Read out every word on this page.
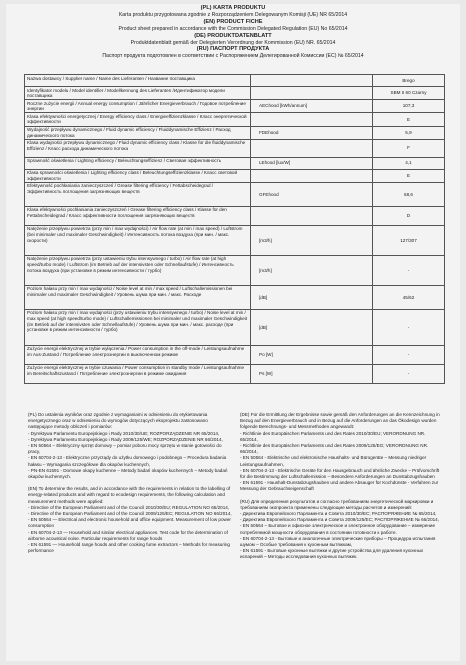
(PL) KARTA PRODUKTU
Karta produktu przygotowana zgodnie z Rozporządzeniem Delegowanym Komisji (UE) NR 65/2014
(EN) PRODUCT FICHE
Product sheet prepared in accordance with the Commission Delegated Regulation (EU) No 65/2014
(DE) PRODUKTDATENBLATT
Produktdatenblatt gemäß der Delegierten Verordnung der Kommission (EU) NR. 65/2014
(RU) ПАСПОРТ ПРОДУКТА
Паспорт продукта подготовлен в соответствии с Распоряжением Делегированной Комиссии (ЕС) № 65/2014
Nazwa dostawcy / Supplier name / Name des Lieferanten / Название поставщика		Brego
Identyfikator modelu / Model identifier / Modellkennung des Lieferanten /Идентификатор модели поставщика		SBM II 60 Czarny
Roczne zużycie energii / Annual energy consumption / Jährlicher Energieverbrauch / Годовое потребление энергии	AEChood [kWh/annum]	107,3
Klasa efektywności energetycznej / Energy efficiency class / Energieeffizienzklasse / Класс энергетической эффективности		E
Wydajność przepływu dynamicznego / Fluid dynamic efficiency / Fluiddynamische Effizienz / Расход динамического потока	FDEhood	5,9
Klasa wydajności przepływu dynamicznego / Fluid dynamic efficiency class / Klasse für die fluiddynamische Effizienz / Класс расхода динамического потока		F
Sprawność oświetlenia / Lighting efficiency / Beleuchtungseffizienz / Световая эффективность	LEhood [lux/W]	4,1
Klasa sprawności oświetlenia / Lighting efficiency class / Beleuchtungseffizienzklasse / Класс световой эффективности		E
Efektywność pochłaniania zanieczyszczeń / Grease filtering efficiency / Fettabscheidegrad / Эффективность поглощения загрязняющих веществ	GFEhood	68,6
Klasa efektywności pochłaniania zanieczyszczeń / Grease filtering efficiency class / Klasse für den Fettabscheidegrad / Класс эффективности поглощения загрязняющих веществ		D
Natężenie przepływu powietrza (przy min / max wydajności) / Air flow rate (at min / max speed) / Luftstrom (bei minimaler und maximaler Geschwindigkeit) / Интенсивность потока воздуха (при мин. / макс. скорости)	[m3/h]	127/307
Natężenie przepływu powietrza (przy ustawieniu trybu intensywnego / turbo) / Air flow rate (at high speed/turbo mode) / Luftstrom (im Betrieb auf der intensivsten oder Schnellaufstufe) / Интенсивность потока воздуха (при установке в режим интенсивности / турбо)	[m3/h]	-
Poziom hałasu przy min / max wydajności / Noise level at min / max speed / Luftschallemissionen bei minimaler und maximaler Geschwindigkeit / Уровень шума при мин. / макс. Расходе	[dB]	45/62
Poziom hałasu przy min / max wydajności (przy ustawieniu trybu intensywnego / turbo) / Noise level at min / max speed (at high speed/turbo mode) / Luftschallemissionen bei minimaler und maximaler Geschwindigkeit (im Betrieb auf der intensivsten oder Schnellaufstufe) / Уровень шума при мин. / макс. расходе (при установке в режим интенсивности / турбо)	[dB]	-
Zużycie energii elektrycznej w trybie wyłączenia / Power consumption in the off-mode / Leistungsaufnahme im Aus-Zustand / Потребление электроэнергии в выключенном режиме	Po [W]	-
Zużycie energii elektrycznej w trybie czuwania / Power consumption in standby mode / Leistungsaufnahme im Bereitschaftszustand / Потребление электроэнергии в режиме ожидания	Ps [W]	-

(PL) Do ustalenia wyników oraz zgodnie z wymaganiami w odniesieniu do etykietowania energetycznego oraz w odniesieniu do wymogów dotyczących ekoprojektu zastosowano następujące metody obliczeń i pomiarów:

- Dyrektywa Parlamentu Europejskiego i Rady 2010/30/UE; ROZPORZĄDZENIE NR 65/2014,

- Dyrektywa Parlamentu Europejskiego i Rady 2009/125/WE; ROZPORZĄDZENIE NR 66/2014,

- EN 50564 – Elektryczny sprzęt domowy – pomiar poboru mocy sprzętu w stanie gotowości do pracy,

- EN 60704-2-13 - Elektryczne przyrządy do użytku domowego i podobnego – Procedura badania hałasu – Wymagania szczegółowe dla okapów kuchennych,

- PN-EN 61591 - Domowe okapy kuchenne – Metody badań okapów kuchennych – Metody badań okapów kuchennych.

(EN) To determine the results, and in accordance with the requirements in relation to the labelling of energy-related products and with regard to ecodesign requirements, the following calculation and measurement methods were applied:

- Directive of the European Parliament and of the Council 2010/30/EU; REGULATION NO 65/2014,

- Directive of the European Parliament and of the Council 2009/125/EC; REGULATION NO 66/2014,

- EN 50564 — Electrical and electronic household and office equipment. Measurement of low power consumption

- EN 60704-2-13 — Household and similar electrical appliances. Test code for the determination of airborne acoustical noise. Particular requirements for range hoods

- EN 61591 — Household range hoods and other cooking fume extractors – Methods for measuring performance

(DE) Für die Ermittlung der Ergebnisse sowie gemäß den Anforderungen an die Kennzeichnung in Bezug auf den Energieverbrauch und in Bezug auf die Anforderungen an das Ökodesign wurden folgende Berechnungs- und Messmethoden angewandt:

- Richtlinie des Europäischen Parlaments und des Rates 2010/30/EU; VERORDNUNG NR. 65/2014,

- Richtlinie des Europäischen Parlaments und des Rates 2009/125/EG; VERORDNUNG NR. 66/2014,

- EN 50564 - Elektrische und elektronische Haushalts- und Bürogeräte – Messung niedriger Leistungsaufnahmen,

- EN 60704-2-13 - Elektrische Geräte für den Hausgebrauch und ähnliche Zwecke – Prüfvorschrift für die Bestimmung der Luftschallemission – Besondere Anforderungen an Dunstabzugshauben

- EN 61591 - Haushalt-Dunstabzugshauben und andere Absauger für Kochdünste - Verfahren zur Messung der Gebrauchseigenschaft

(RU) Для определения результатов и согласно требованиям энергетической маркировки и требованиям экопроекта применены следующие методы расчетов и измерений:

- Директива Европейского Парламента и Совета 2010/30/ЕС; РАСПОРЯЖЕНИЕ № 65/2014,

- Директива Европейского Парламента и Совета 2009/125/ЕС; РАСПОРЯЖЕНИЕ № 66/2014,

- EN 50564 – Бытовое и офисное электрическое и электронное оборудование – измерение потребляемой мощности оборудования в состоянии готовности к работе.

- EN 60704-2-13 - Бытовые и аналогичные электрические приборы – Процедура испытания шумом – Особые требования к кухонным вытяжкам,

- EN 61591 - Бытовые кухонные вытяжки и другие устройства для удаления кухонных испарений – Методы исследования кухонных вытяжек.
